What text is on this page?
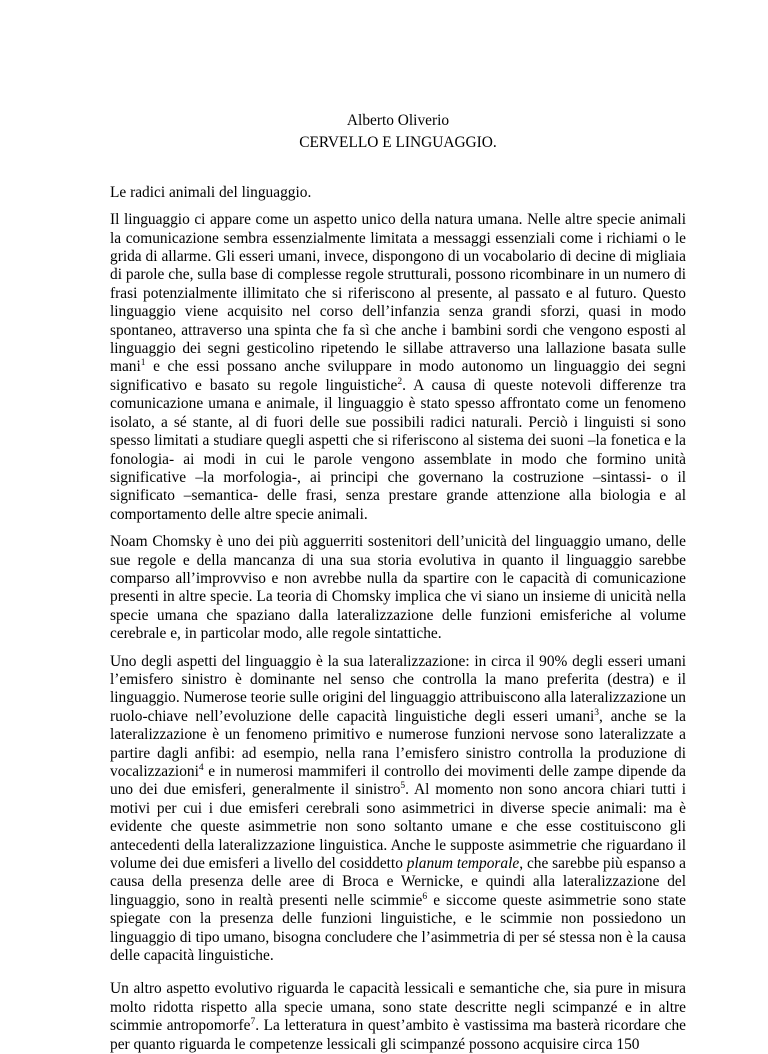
Alberto Oliverio

CERVELLO E LINGUAGGIO.

Le radici animali del linguaggio.

Il linguaggio ci appare come un aspetto unico della natura umana. Nelle altre specie animali la comunicazione sembra essenzialmente limitata a messaggi essenziali come i richiami o le grida di allarme. Gli esseri umani, invece, dispongono di un vocabolario di decine di migliaia di parole che, sulla base di complesse regole strutturali, possono ricombinare in un numero di frasi potenzialmente illimitato che si riferiscono al presente, al passato e al futuro. Questo linguaggio viene acquisito nel corso dell’infanzia senza grandi sforzi, quasi in modo spontaneo, attraverso una spinta che fa sì che anche i bambini sordi che vengono esposti al linguaggio dei segni gesticolino ripetendo le sillabe attraverso una lallazione basata sulle mani$^1$ e che essi possano anche sviluppare in modo autonomo un linguaggio dei segni significativo e basato su regole linguistiche$^2$. A causa di queste notevoli differenze tra comunicazione umana e animale, il linguaggio è stato spesso affrontato come un fenomeno isolato, a sé stante, al di fuori delle sue possibili radici naturali. Perciò i linguisti si sono spesso limitati a studiare quegli aspetti che si riferiscono al sistema dei suoni –la fonetica e la fonologia- ai modi in cui le parole vengono assemblate in modo che formino unità significative –la morfologia-, ai principi che governano la costruzione –sintassi- o il significato –semantica- delle frasi, senza prestare grande attenzione alla biologia e al comportamento delle altre specie animali.

Noam Chomsky è uno dei più agguerriti sostenitori dell’unicità del linguaggio umano, delle sue regole e della mancanza di una sua storia evolutiva in quanto il linguaggio sarebbe comparso all’improvviso e non avrebbe nulla da spartire con le capacità di comunicazione presenti in altre specie. La teoria di Chomsky implica che vi siano un insieme di unicità nella specie umana che spaziano dalla lateralizzazione delle funzioni emisferiche al volume cerebrale e, in particolar modo, alle regole sintattiche.

Uno degli aspetti del linguaggio è la sua lateralizzazione: in circa il 90% degli esseri umani l’emisfero sinistro è dominante nel senso che controlla la mano preferita (destra) e il linguaggio. Numerose teorie sulle origini del linguaggio attribuiscono alla lateralizzazione un ruolo-chiave nell’evoluzione delle capacità linguistiche degli esseri umani$^3$, anche se la lateralizzazione è un fenomeno primitivo e numerose funzioni nervose sono lateralizzate a partire dagli anfibi: ad esempio, nella rana l’emisfero sinistro controlla la produzione di vocalizzazioni$^4$ e in numerosi mammiferi il controllo dei movimenti delle zampe dipende da uno dei due emisferi, generalmente il sinistro$^5$. Al momento non sono ancora chiari tutti i motivi per cui i due emisferi cerebrali sono asimmetrici in diverse specie animali: ma è evidente che queste asimmetrie non sono soltanto umane e che esse costituiscono gli antecedenti della lateralizzazione linguistica. Anche le supposte asimmetrie che riguardano il volume dei due emisferi a livello del cosiddetto planum temporale, che sarebbe più espanso a causa della presenza delle aree di Broca e Wernicke, e quindi alla lateralizzazione del linguaggio, sono in realtà presenti nelle scimmie$^6$ e siccome queste asimmetrie sono state spiegate con la presenza delle funzioni linguistiche, e le scimmie non possiedono un linguaggio di tipo umano, bisogna concludere che l’asimmetria di per sé stessa non è la causa delle capacità linguistiche.

Un altro aspetto evolutivo riguarda le capacità lessicali e semantiche che, sia pure in misura molto ridotta rispetto alla specie umana, sono state descritte negli scimpanzé e in altre scimmie antropomorfe$^7$. La letteratura in quest’ambito è vastissima ma basterà ricordare che per quanto riguarda le competenze lessicali gli scimpanzé possono acquisire circa 150
